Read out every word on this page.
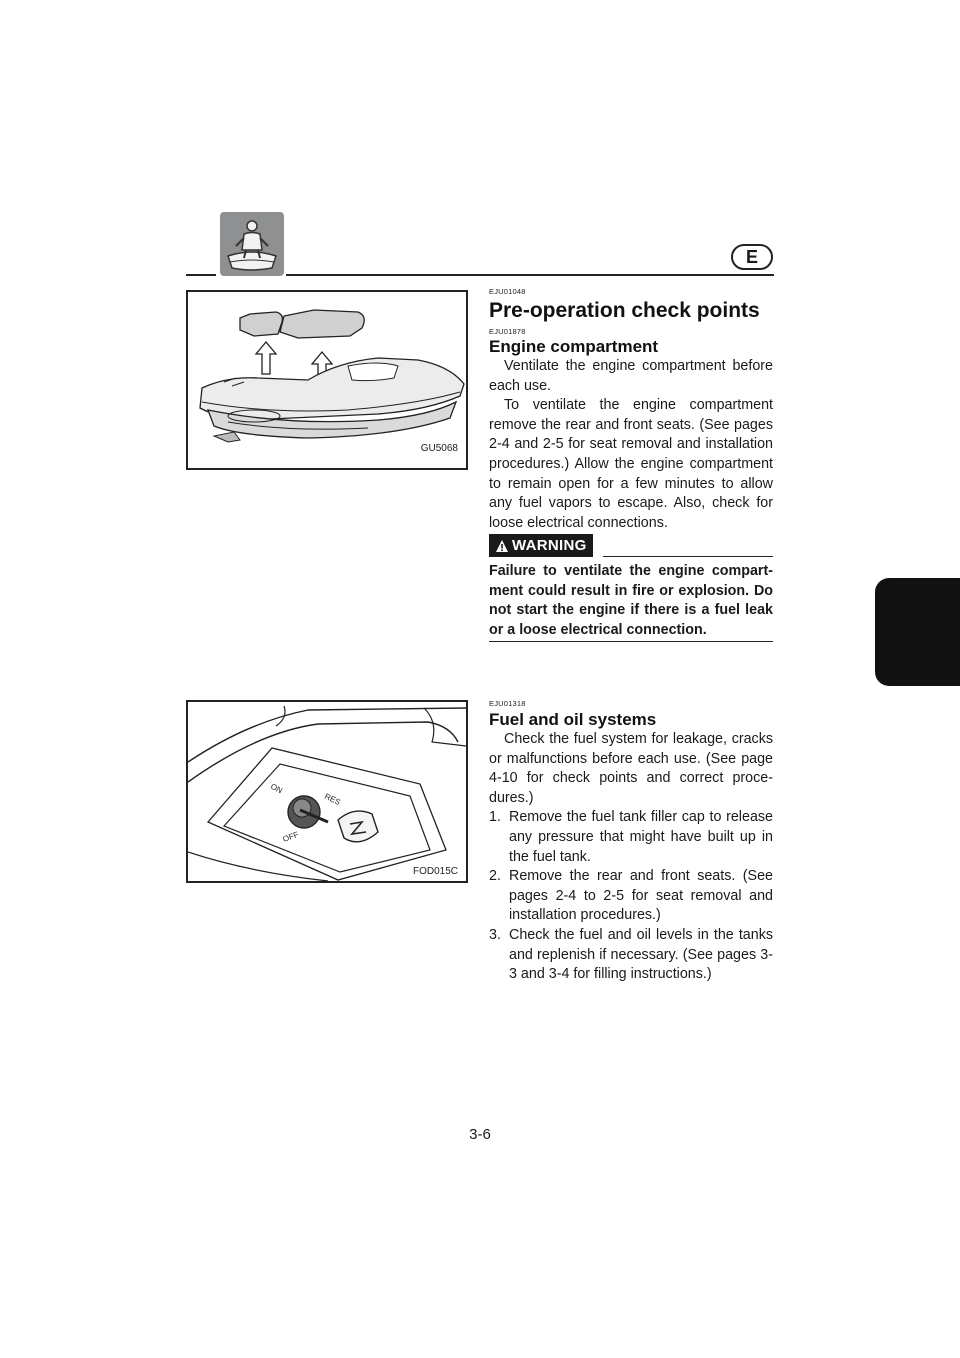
E
GU5068
ON
OFF
RES
FOD015C
EJU01048
Pre-operation check points
EJU01878
Engine compartment

Ventilate the engine compartment before each use.

To ventilate the engine compartment remove the rear and front seats. (See pages 2-4 and 2-5 for seat removal and installation procedures.) Allow the engine compartment to remain open for a few minutes to allow any fuel vapors to escape. Also, check for loose electrical connections.

WARNING

Failure to ventilate the engine compart-ment could result in fire or explosion. Do not start the engine if there is a fuel leak or a loose electrical connection.

EJU01318
Fuel and oil systems

Check the fuel system for leakage, cracks or malfunctions before each use. (See page 4-10 for check points and correct proce-dures.)

1. Remove the fuel tank filler cap to release any pressure that might have built up in the fuel tank.
2. Remove the rear and front seats. (See pages 2-4 to 2-5 for seat removal and installation procedures.)
3. Check the fuel and oil levels in the tanks and replenish if necessary. (See pages 3-3 and 3-4 for filling instructions.)
3-6
